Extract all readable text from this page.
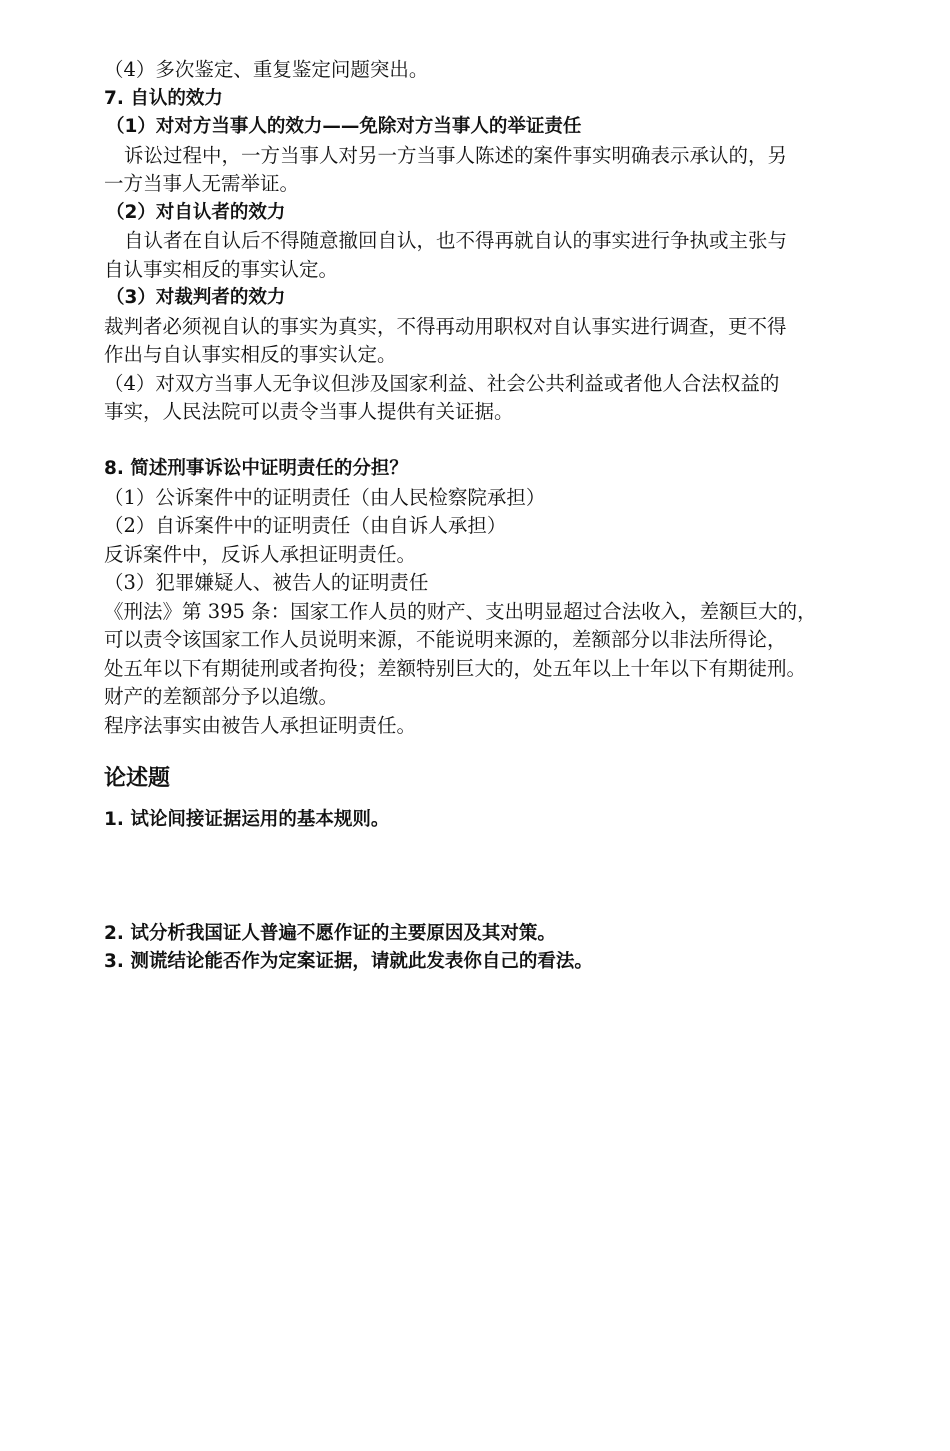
（4）多次鉴定、重复鉴定问题突出。
7. 自认的效力
（1）对对方当事人的效力——免除对方当事人的举证责任
诉讼过程中，一方当事人对另一方当事人陈述的案件事实明确表示承认的，另
一方当事人无需举证。
（2）对自认者的效力
自认者在自认后不得随意撤回自认，也不得再就自认的事实进行争执或主张与
自认事实相反的事实认定。
（3）对裁判者的效力
裁判者必须视自认的事实为真实，不得再动用职权对自认事实进行调查，更不得
作出与自认事实相反的事实认定。
（4）对双方当事人无争议但涉及国家利益、社会公共利益或者他人合法权益的
事实，人民法院可以责令当事人提供有关证据。
8. 简述刑事诉讼中证明责任的分担？
（1）公诉案件中的证明责任（由人民检察院承担）
（2）自诉案件中的证明责任（由自诉人承担）
反诉案件中，反诉人承担证明责任。
（3）犯罪嫌疑人、被告人的证明责任
《刑法》第 395 条：国家工作人员的财产、支出明显超过合法收入，差额巨大的，
可以责令该国家工作人员说明来源，不能说明来源的，差额部分以非法所得论，
处五年以下有期徒刑或者拘役；差额特别巨大的，处五年以上十年以下有期徒刑。
财产的差额部分予以追缴。
程序法事实由被告人承担证明责任。
论述题
1. 试论间接证据运用的基本规则。
2. 试分析我国证人普遍不愿作证的主要原因及其对策。
3. 测谎结论能否作为定案证据，请就此发表你自己的看法。
